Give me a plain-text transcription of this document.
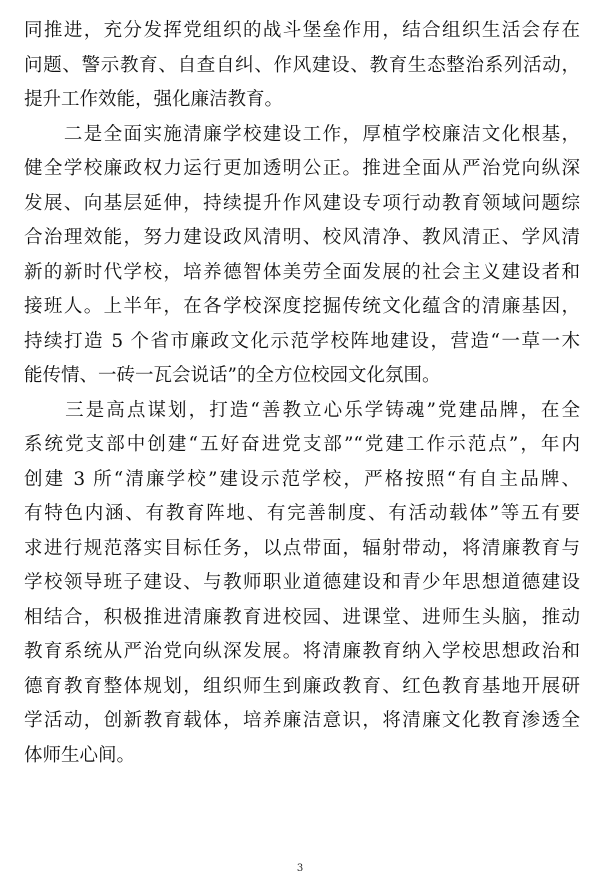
同推进，充分发挥党组织的战斗堡垒作用，结合组织生活会存在
问题、警示教育、自查自纠、作风建设、教育生态整治系列活动，
提升工作效能，强化廉洁教育。
　　二是全面实施清廉学校建设工作，厚植学校廉洁文化根基，
健全学校廉政权力运行更加透明公正。推进全面从严治党向纵深
发展、向基层延伸，持续提升作风建设专项行动教育领域问题综
合治理效能，努力建设政风清明、校风清净、教风清正、学风清
新的新时代学校，培养德智体美劳全面发展的社会主义建设者和
接班人。上半年，在各学校深度挖掘传统文化蕴含的清廉基因，
持续打造 5 个省市廉政文化示范学校阵地建设，营造“一草一木
能传情、一砖一瓦会说话”的全方位校园文化氛围。
　　三是高点谋划，打造“善教立心乐学铸魂”党建品牌，在全
系统党支部中创建“五好奋进党支部”“党建工作示范点”，年内
创建 3 所“清廉学校”建设示范学校，严格按照“有自主品牌、
有特色内涵、有教育阵地、有完善制度、有活动载体”等五有要
求进行规范落实目标任务，以点带面，辐射带动，将清廉教育与
学校领导班子建设、与教师职业道德建设和青少年思想道德建设
相结合，积极推进清廉教育进校园、进课堂、进师生头脑，推动
教育系统从严治党向纵深发展。将清廉教育纳入学校思想政治和
德育教育整体规划，组织师生到廉政教育、红色教育基地开展研
学活动，创新教育载体，培养廉洁意识，将清廉文化教育渗透全
体师生心间。
3
